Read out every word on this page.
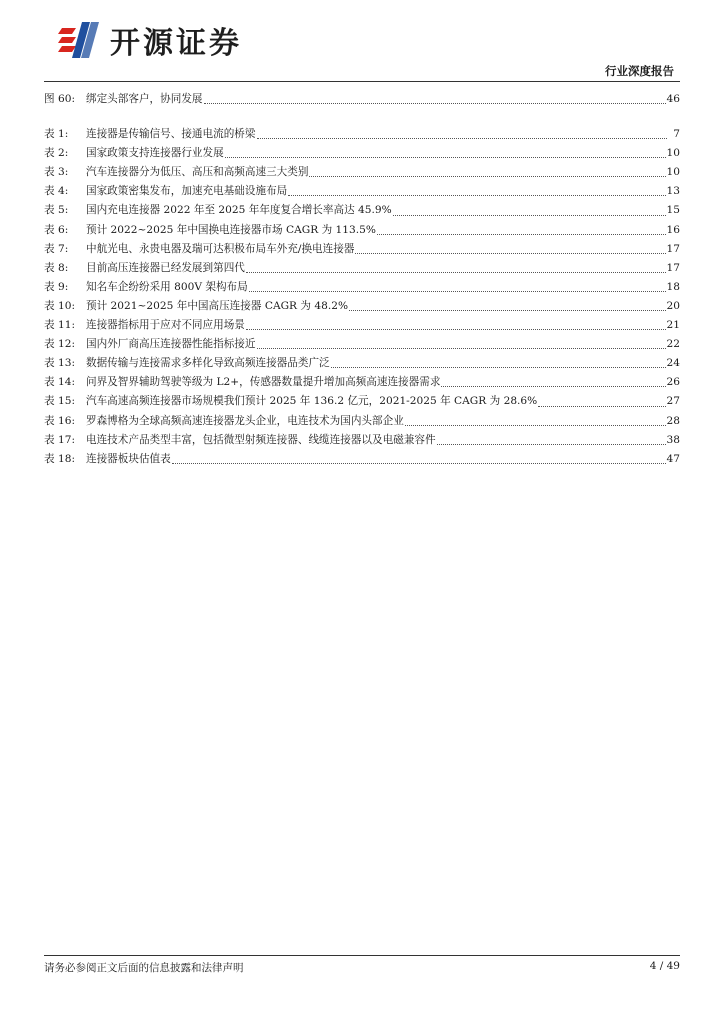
开源证券
行业深度报告
图 60:	绑定头部客户，协同发展	46
表 1:	连接器是传输信号、接通电流的桥梁	7
表 2:	国家政策支持连接器行业发展	10
表 3:	汽车连接器分为低压、高压和高频高速三大类别	10
表 4:	国家政策密集发布，加速充电基础设施布局	13
表 5:	国内充电连接器 2022 年至 2025 年年度复合增长率高达 45.9%	15
表 6:	预计 2022~2025 年中国换电连接器市场 CAGR 为 113.5%	16
表 7:	中航光电、永贵电器及瑞可达积极布局车外充/换电连接器	17
表 8:	目前高压连接器已经发展到第四代	17
表 9:	知名车企纷纷采用 800V 架构布局	18
表 10:	预计 2021~2025 年中国高压连接器 CAGR 为 48.2%	20
表 11:	连接器指标用于应对不同应用场景	21
表 12:	国内外厂商高压连接器性能指标接近	22
表 13:	数据传输与连接需求多样化导致高频连接器品类广泛	24
表 14:	问界及智界辅助驾驶等级为 L2+，传感器数量提升增加高频高速连接器需求	26
表 15:	汽车高速高频连接器市场规模我们预计 2025 年 136.2 亿元，2021-2025 年 CAGR 为 28.6%	27
表 16:	罗森博格为全球高频高速连接器龙头企业，电连技术为国内头部企业	28
表 17:	电连技术产品类型丰富，包括微型射频连接器、线缆连接器以及电磁兼容件	38
表 18:	连接器板块估值表	47
请务必参阅正文后面的信息披露和法律声明	4 / 49
